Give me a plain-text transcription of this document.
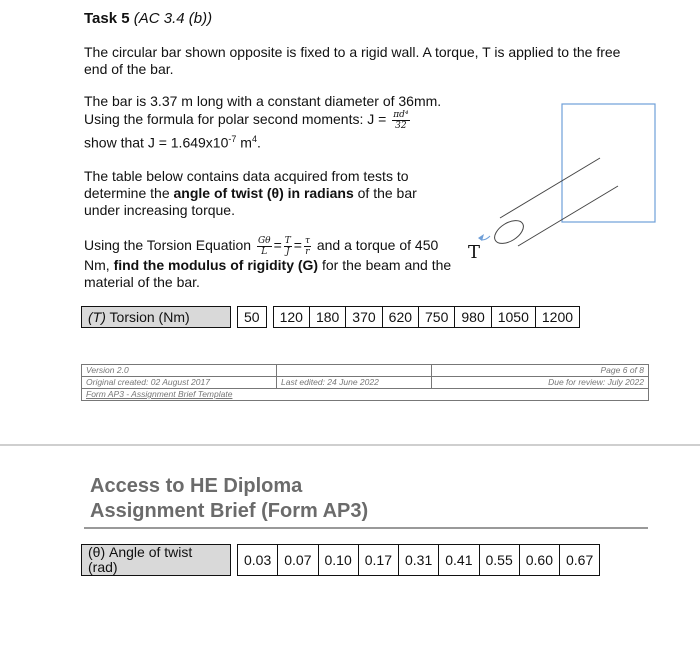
Task 5 (AC 3.4 (b))
The circular bar shown opposite is fixed to a rigid wall. A torque, T is applied to the free end of the bar.
The bar is 3.37 m long with a constant diameter of 36mm.
Using the formula for polar second moments: $J = \frac{\text{πd⁴}}{32}$
show that $J = 1.649x10^{-7}$ $m^4$.
The table below contains data acquired from tests to determine the angle of twist (θ) in radians of the bar under increasing torque.
Using the Torsion Equation $\frac{G\theta}{L} = \frac{T}{J} = \frac{\tau}{r}$ and a torque of 450 Nm, find the modulus of rigidity (G) for the beam and the material of the bar.
T
(T) Torsion (Nm)		50		120	180	370	620	750	980	1050	1200
Version 2.0	Page 6 of 8
Original created: 02 August 2017	Last edited: 24 June 2022	Due for review: July 2022
Form AP3 - Assignment Brief Template
Access to HE Diploma
Assignment Brief (Form AP3)
(θ) Angle of twist
(rad)		0.03	0.07	0.10	0.17	0.31	0.41	0.55	0.60	0.67
